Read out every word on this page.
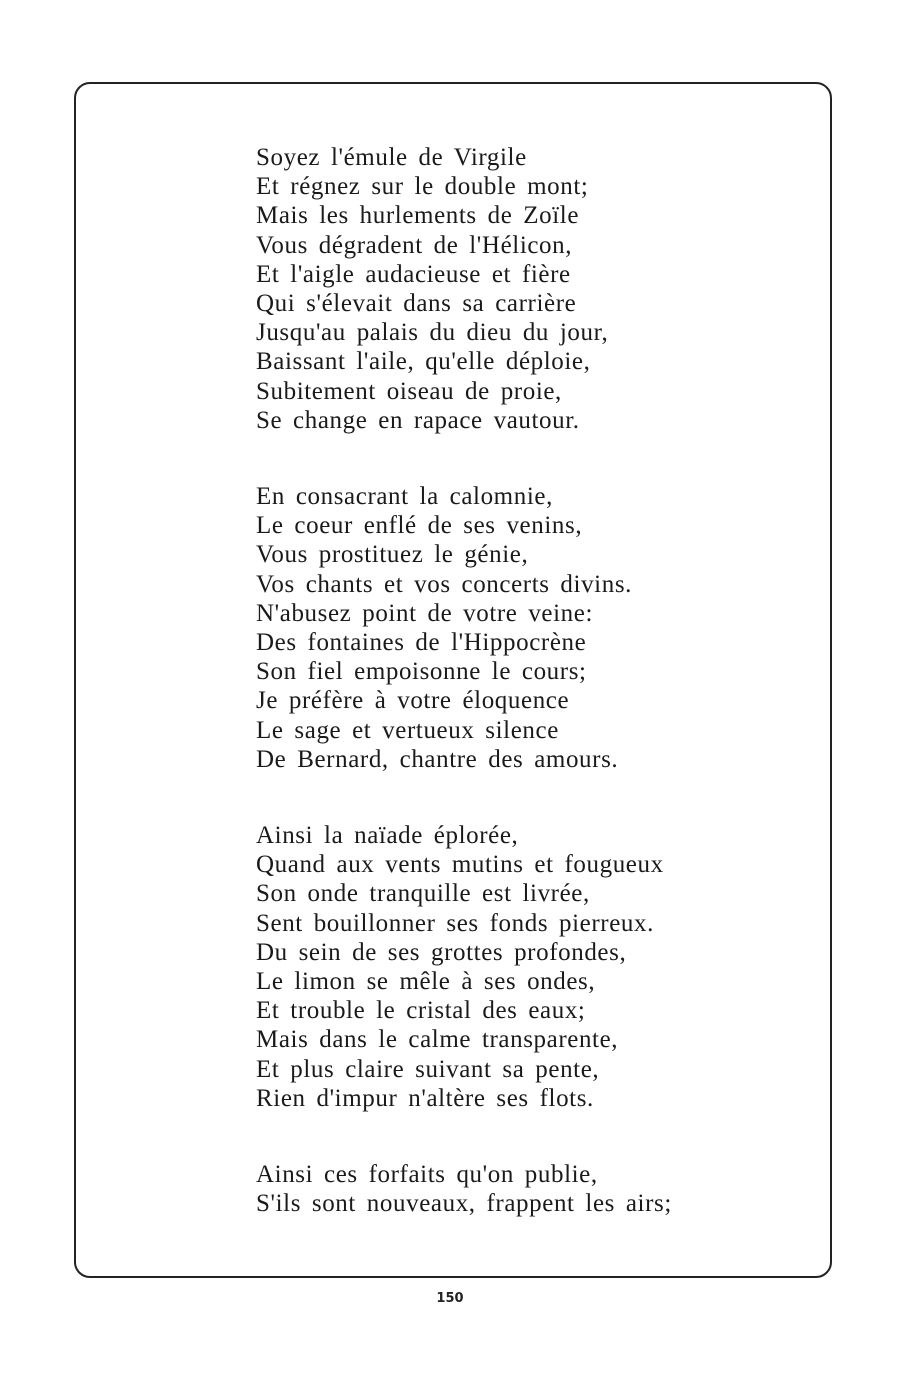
Soyez l'émule de Virgile
Et régnez sur le double mont;
Mais les hurlements de Zoïle
Vous dégradent de l'Hélicon,
Et l'aigle audacieuse et fière
Qui s'élevait dans sa carrière
Jusqu'au palais du dieu du jour,
Baissant l'aile, qu'elle déploie,
Subitement oiseau de proie,
Se change en rapace vautour.
En consacrant la calomnie,
Le coeur enflé de ses venins,
Vous prostituez le génie,
Vos chants et vos concerts divins.
N'abusez point de votre veine:
Des fontaines de l'Hippocrène
Son fiel empoisonne le cours;
Je préfère à votre éloquence
Le sage et vertueux silence
De Bernard, chantre des amours.
Ainsi la naïade éplorée,
Quand aux vents mutins et fougueux
Son onde tranquille est livrée,
Sent bouillonner ses fonds pierreux.
Du sein de ses grottes profondes,
Le limon se mêle à ses ondes,
Et trouble le cristal des eaux;
Mais dans le calme transparente,
Et plus claire suivant sa pente,
Rien d'impur n'altère ses flots.
Ainsi ces forfaits qu'on publie,
S'ils sont nouveaux, frappent les airs;
150
